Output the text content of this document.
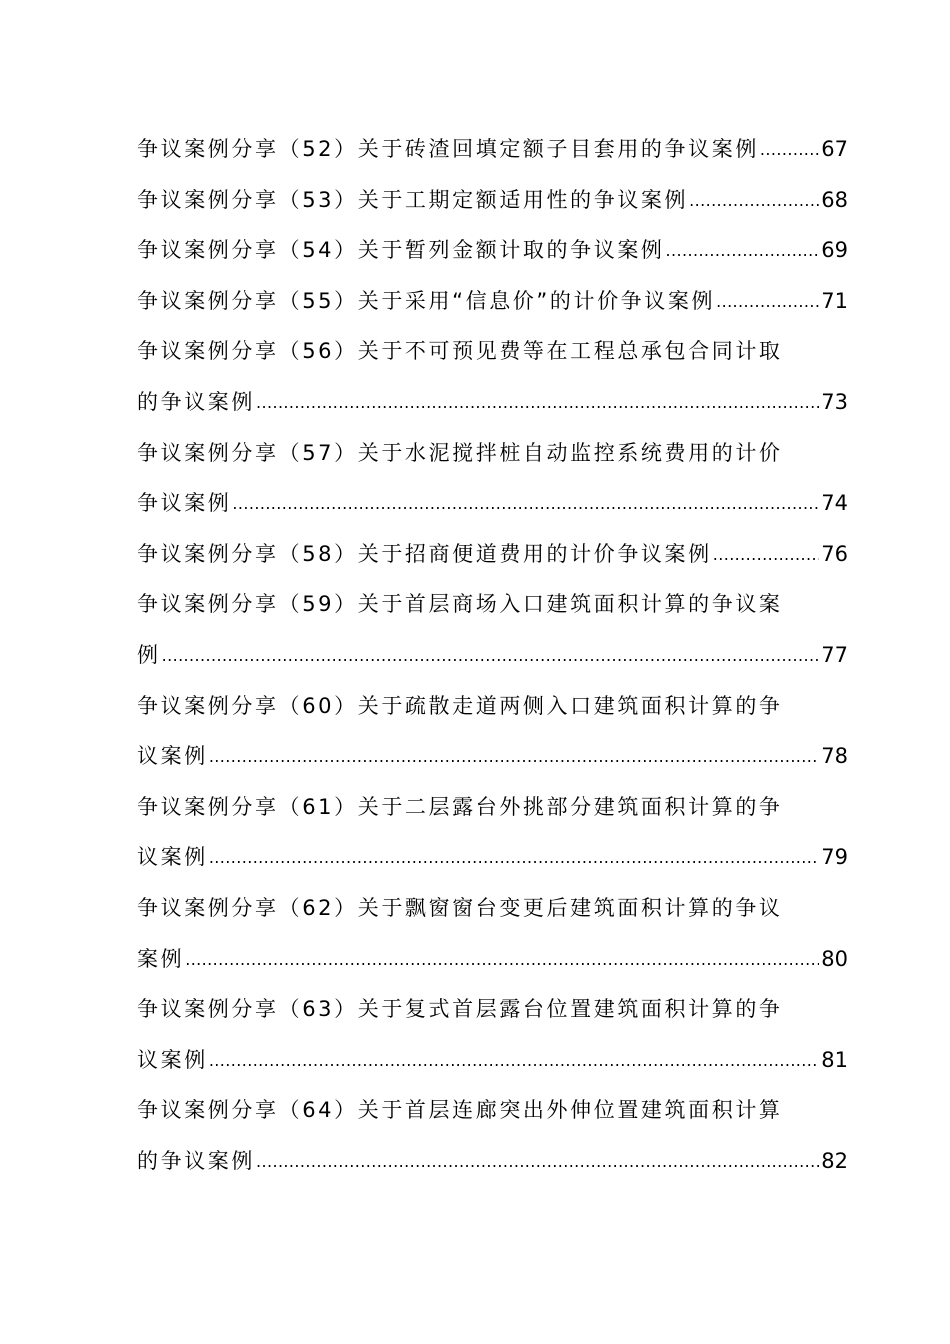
争议案例分享（52）关于砖渣回填定额子目套用的争议案例 .....	67
争议案例分享（53）关于工期定额适用性的争议案例 .....	68
争议案例分享（54）关于暂列金额计取的争议案例 .....	69
争议案例分享（55）关于采用“信息价”的计价争议案例 .....	71
争议案例分享（56）关于不可预见费等在工程总承包合同计取
的争议案例 .....	73
争议案例分享（57）关于水泥搅拌桩自动监控系统费用的计价
争议案例 .....	74
争议案例分享（58）关于招商便道费用的计价争议案例 .....	76
争议案例分享（59）关于首层商场入口建筑面积计算的争议案
例 .....	77
争议案例分享（60）关于疏散走道两侧入口建筑面积计算的争
议案例 .....	78
争议案例分享（61）关于二层露台外挑部分建筑面积计算的争
议案例 .....	79
争议案例分享（62）关于飘窗窗台变更后建筑面积计算的争议
案例 .....	80
争议案例分享（63）关于复式首层露台位置建筑面积计算的争
议案例 .....	81
争议案例分享（64）关于首层连廊突出外伸位置建筑面积计算
的争议案例 .....	82
